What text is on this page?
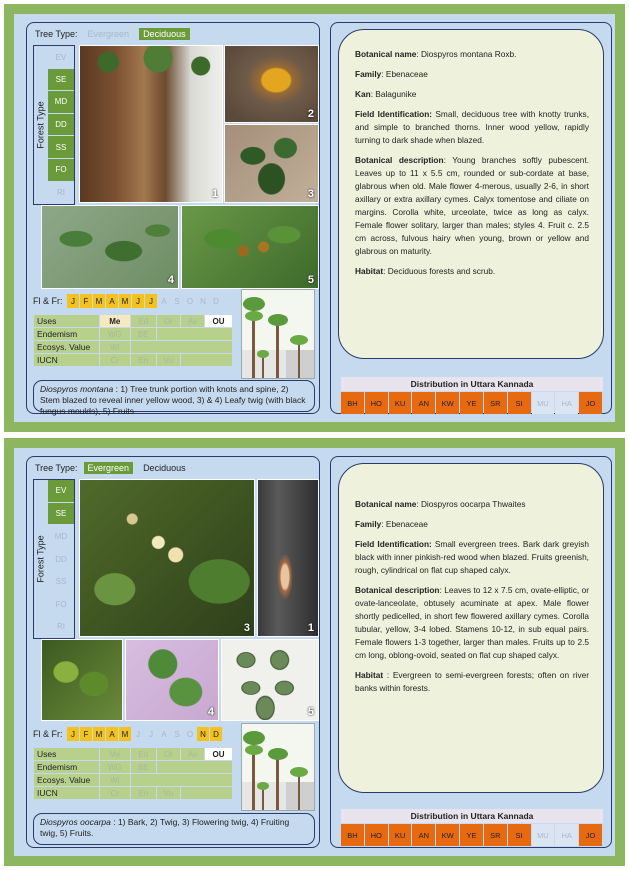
Tree Type:	Evergreen	Deciduous
Forest Type
EV
SE
MD
DD
SS
FO
RI	1
2
3
4	5
Fl & Fr:	J	F M A M J	J	A S O N D
Uses	Me	Ed	Or	Av	OU
Endemism	WG	BE			
Ecosys. Value	Wi				
IUCN	Cr	En	Vu		
Diospyros montana : 1) Tree trunk portion with knots and spine, 2) Stem blazed to reveal inner yellow wood, 3) & 4) Leafy twig (with black fungus moulds), 5) Fruits

Botanical name: Diospyros montana Roxb.

Family: Ebenaceae

Kan: Balagunike

Field Identification: Small, deciduous tree with knotty trunks, and simple to branched thorns. Inner wood yellow, rapidly turning to dark shade when blazed.

Botanical description: Young branches softly pubescent. Leaves up to 11 x 5.5 cm, rounded or sub-cordate at base, glabrous when old. Male flower 4-merous, usually 2-6, in short axillary or extra axillary cymes. Calyx tomentose and ciliate on margins. Corolla white, urceolate, twice as long as calyx. Female flower solitary, larger than males; styles 4. Fruit c. 2.5 cm across, fulvous hairy when young, brown or yellow and glabrous on maturity.

Habitat: Deciduous forests and scrub.

Distribution in Uttara Kannada
BH	HO	KU	AN	KW	YE	SR	SI	MU	HA	JO
Tree Type:	Evergreen	Deciduous
Forest Type
EV
SE
MD
DD
SS
FO
RI	3	1
4	5
Fl & Fr:	J	F M A M J	J	A S O N D
Uses	Me	Ed	Or	Av	OU
Endemism	WG	BE			
Ecosys. Value	Wi				
IUCN	Cr	En	Vu		
Diospyros oocarpa : 1) Bark, 2) Twig, 3) Flowering twig, 4) Fruiting twig, 5) Fruits.

Botanical name: Diospyros oocarpa Thwaites

Family: Ebenaceae

Field Identification: Small evergreen trees. Bark dark greyish black with inner pinkish-red wood when blazed. Fruits greenish, rough, cylindrical on flat cup shaped calyx.

Botanical description: Leaves to 12 x 7.5 cm, ovate-elliptic, or ovate-lanceolate, obtusely acuminate at apex. Male flower shortly pedicelled, in short few flowered axillary cymes. Corolla tubular, yellow, 3-4 lobed. Stamens 10-12, in sub equal pairs. Female flowers 1-3 together, larger than males. Fruits up to 2.5 cm long, oblong-ovoid, seated on flat cup shaped calyx.

Habitat : Evergreen to semi-evergreen forests; often on river banks within forests.

Distribution in Uttara Kannada
BH	HO	KU	AN	KW	YE	SR	SI	MU	HA	JO
